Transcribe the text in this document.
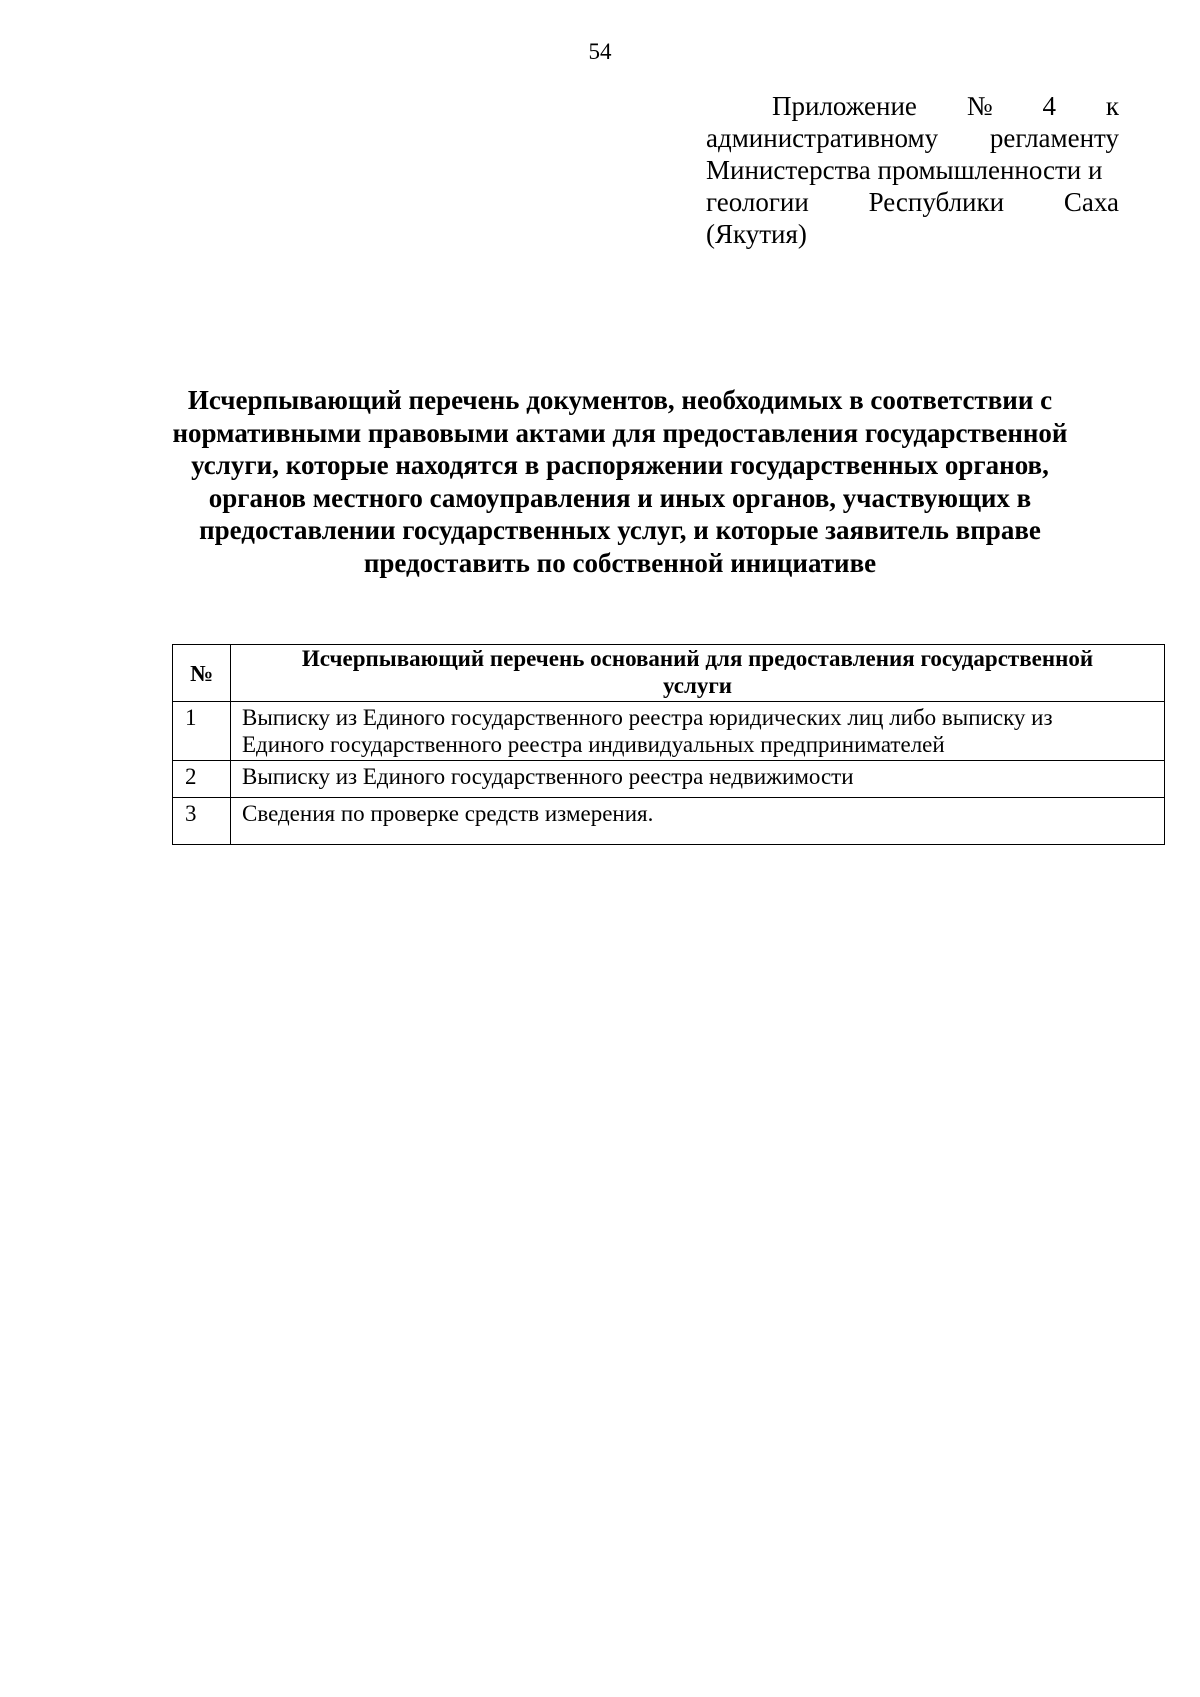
54
Приложение № 4 к
административному регламенту
Министерства промышленности и
геологии Республики Саха
(Якутия)
Исчерпывающий перечень документов, необходимых в соответствии с
нормативными правовыми актами для предоставления государственной
услуги, которые находятся в распоряжении государственных органов,
органов местного самоуправления и иных органов, участвующих в
предоставлении государственных услуг, и которые заявитель вправе
предоставить по собственной инициативе
№	Исчерпывающий перечень оснований для предоставления государственной
услуги

1	Выписку из Единого государственного реестра юридических лиц либо выписку из
Единого государственного реестра индивидуальных предпринимателей

2	Выписку из Единого государственного реестра недвижимости

3	Сведения по проверке средств измерения.
